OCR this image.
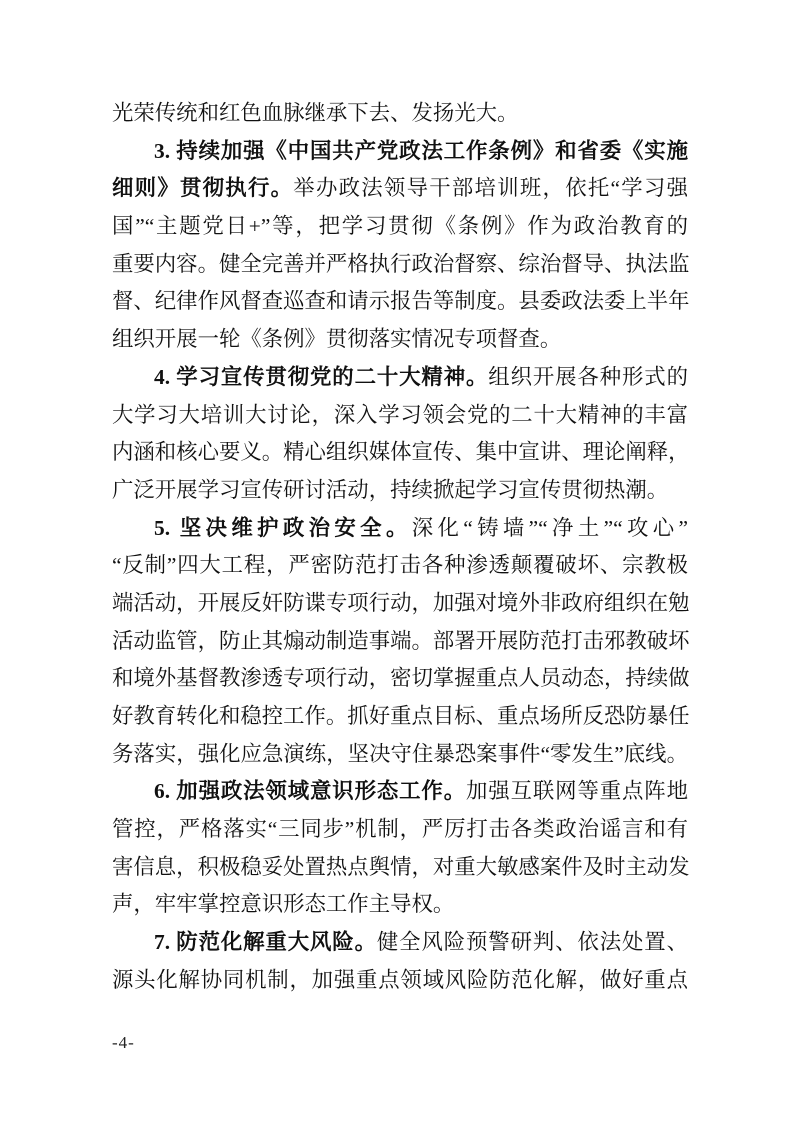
光荣传统和红色血脉继承下去、发扬光大。
3. 持续加强《中国共产党政法工作条例》和省委《实施
细则》贯彻执行。举办政法领导干部培训班，依托“学习强
国”“主题党日+”等，把学习贯彻《条例》作为政治教育的
重要内容。健全完善并严格执行政治督察、综治督导、执法监
督、纪律作风督查巡查和请示报告等制度。县委政法委上半年
组织开展一轮《条例》贯彻落实情况专项督查。
4. 学习宣传贯彻党的二十大精神。组织开展各种形式的
大学习大培训大讨论，深入学习领会党的二十大精神的丰富
内涵和核心要义。精心组织媒体宣传、集中宣讲、理论阐释，
广泛开展学习宣传研讨活动，持续掀起学习宣传贯彻热潮。
5. 坚决维护政治安全。深化“铸墙”“净土”“攻心”
“反制”四大工程，严密防范打击各种渗透颠覆破坏、宗教极
端活动，开展反奸防谍专项行动，加强对境外非政府组织在勉
活动监管，防止其煽动制造事端。部署开展防范打击邪教破坏
和境外基督教渗透专项行动，密切掌握重点人员动态，持续做
好教育转化和稳控工作。抓好重点目标、重点场所反恐防暴任
务落实，强化应急演练，坚决守住暴恐案事件“零发生”底线。
6. 加强政法领域意识形态工作。加强互联网等重点阵地
管控，严格落实“三同步”机制，严厉打击各类政治谣言和有
害信息，积极稳妥处置热点舆情，对重大敏感案件及时主动发
声，牢牢掌控意识形态工作主导权。
7. 防范化解重大风险。健全风险预警研判、依法处置、
源头化解协同机制，加强重点领域风险防范化解，做好重点
-4-
